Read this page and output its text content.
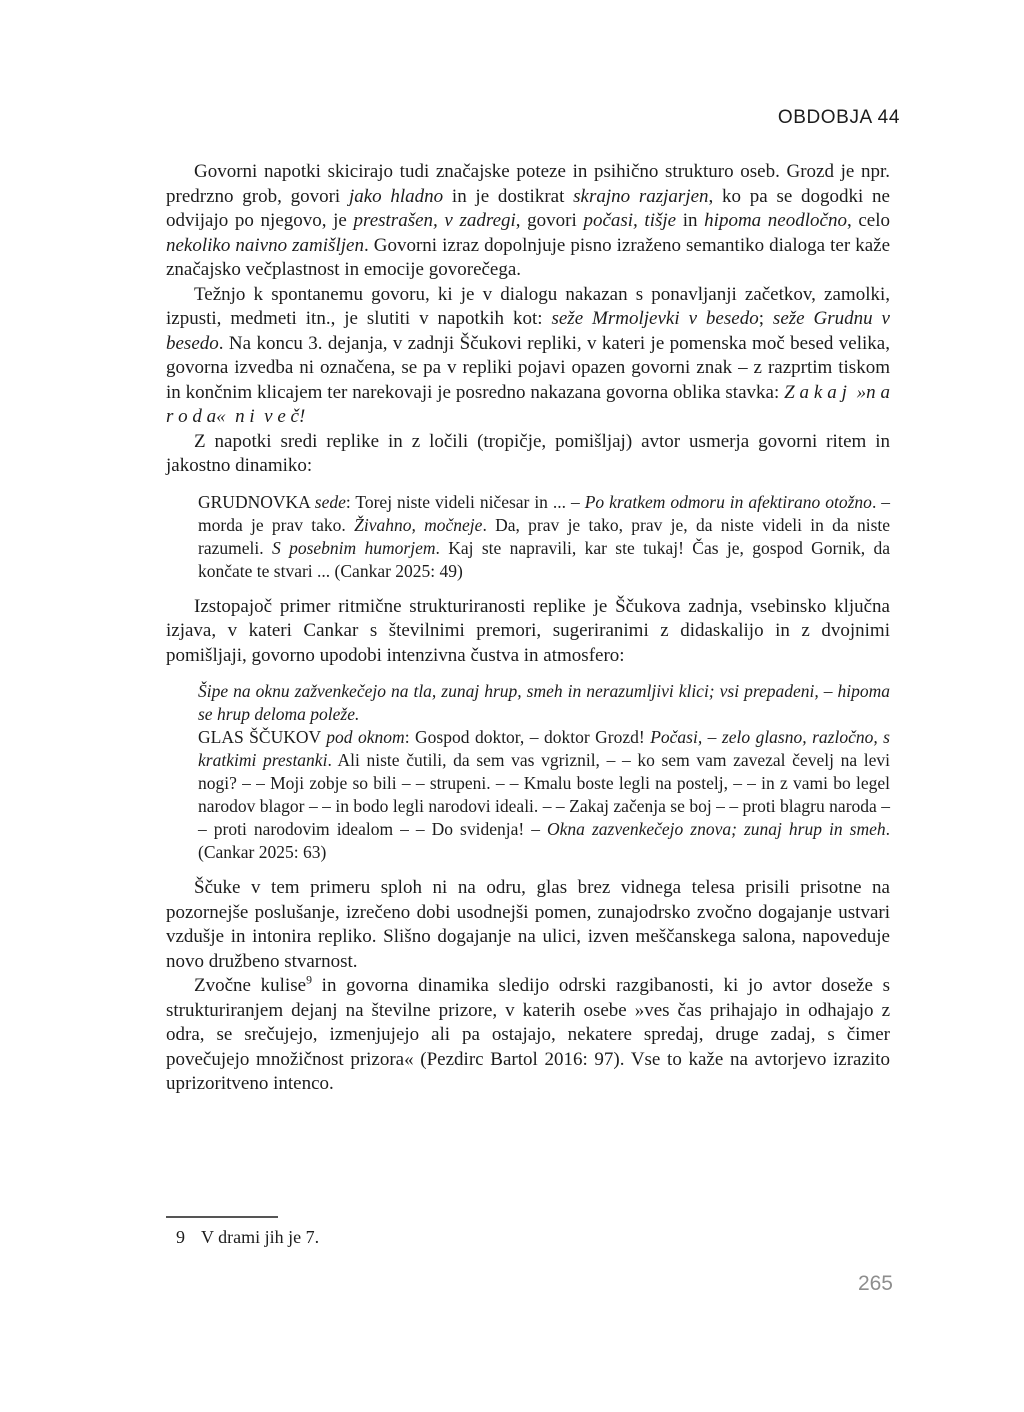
OBDOBJA 44

Govorni napotki skicirajo tudi značajske poteze in psihično strukturo oseb. Grozd je npr. predrzno grob, govori jako hladno in je dostikrat skrajno razjarjen, ko pa se dogodki ne odvijajo po njegovo, je prestrašen, v zadregi, govori počasi, tišje in hipoma neodločno, celo nekoliko naivno zamišljen. Govorni izraz dopolnjuje pisno izraženo semantiko dialoga ter kaže značajsko večplastnost in emocije govorečega.

Težnjo k spontanemu govoru, ki je v dialogu nakazan s ponavljanji začetkov, zamolki, izpusti, medmeti itn., je slutiti v napotkih kot: seže Mrmoljevki v besedo; seže Grudnu v besedo. Na koncu 3. dejanja, v zadnji Ščukovi repliki, v kateri je pomenska moč besed velika, govorna izvedba ni označena, se pa v repliki pojavi opazen govorni znak – z razprtim tiskom in končnim klicajem ter narekovaji je posredno nakazana govorna oblika stavka: Z a k a j  »n a r o d a«  n i  v e č!

Z napotki sredi replike in z ločili (tropičje, pomišljaj) avtor usmerja govorni ritem in jakostno dinamiko:

GRUDNOVKA sede: Torej niste videli ničesar in ... – Po kratkem odmoru in afektirano otožno. – morda je prav tako. Živahno, močneje. Da, prav je tako, prav je, da niste videli in da niste razumeli. S posebnim humorjem. Kaj ste napravili, kar ste tukaj! Čas je, gospod Gornik, da končate te stvari ... (Cankar 2025: 49)

Izstopajoč primer ritmične strukturiranosti replike je Ščukova zadnja, vsebinsko ključna izjava, v kateri Cankar s številnimi premori, sugeriranimi z didaskalijo in z dvojnimi pomišljaji, govorno upodobi intenzivna čustva in atmosfero:

Šipe na oknu zažvenkečejo na tla, zunaj hrup, smeh in nerazumljivi klici; vsi prepadeni, – hipoma se hrup deloma poleže.

GLAS ŠČUKOV pod oknom: Gospod doktor, – doktor Grozd! Počasi, – zelo glasno, razločno, s kratkimi prestanki. Ali niste čutili, da sem vas vgriznil, – – ko sem vam zavezal čevelj na levi nogi? – – Moji zobje so bili – – strupeni. – – Kmalu boste legli na postelj, – – in z vami bo legel narodov blagor – – in bodo legli narodovi ideali. – – Zakaj začenja se boj – – proti blagru naroda – – proti narodovim idealom – – Do svidenja! – Okna zazvenkečejo znova; zunaj hrup in smeh. (Cankar 2025: 63)

Ščuke v tem primeru sploh ni na odru, glas brez vidnega telesa prisili prisotne na pozornejše poslušanje, izrečeno dobi usodnejši pomen, zunajodrsko zvočno dogajanje ustvari vzdušje in intonira repliko. Slišno dogajanje na ulici, izven meščanskega salona, napoveduje novo družbeno stvarnost.

Zvočne kulise$^9$ in govorna dinamika sledijo odrski razgibanosti, ki jo avtor doseže s strukturiranjem dejanj na številne prizore, v katerih osebe »ves čas prihajajo in odhajajo z odra, se srečujejo, izmenjujejo ali pa ostajajo, nekatere spredaj, druge zadaj, s čimer povečujejo množičnost prizora« (Pezdirc Bartol 2016: 97). Vse to kaže na avtorjevo izrazito uprizoritveno intenco.

9 V drami jih je 7.
265
